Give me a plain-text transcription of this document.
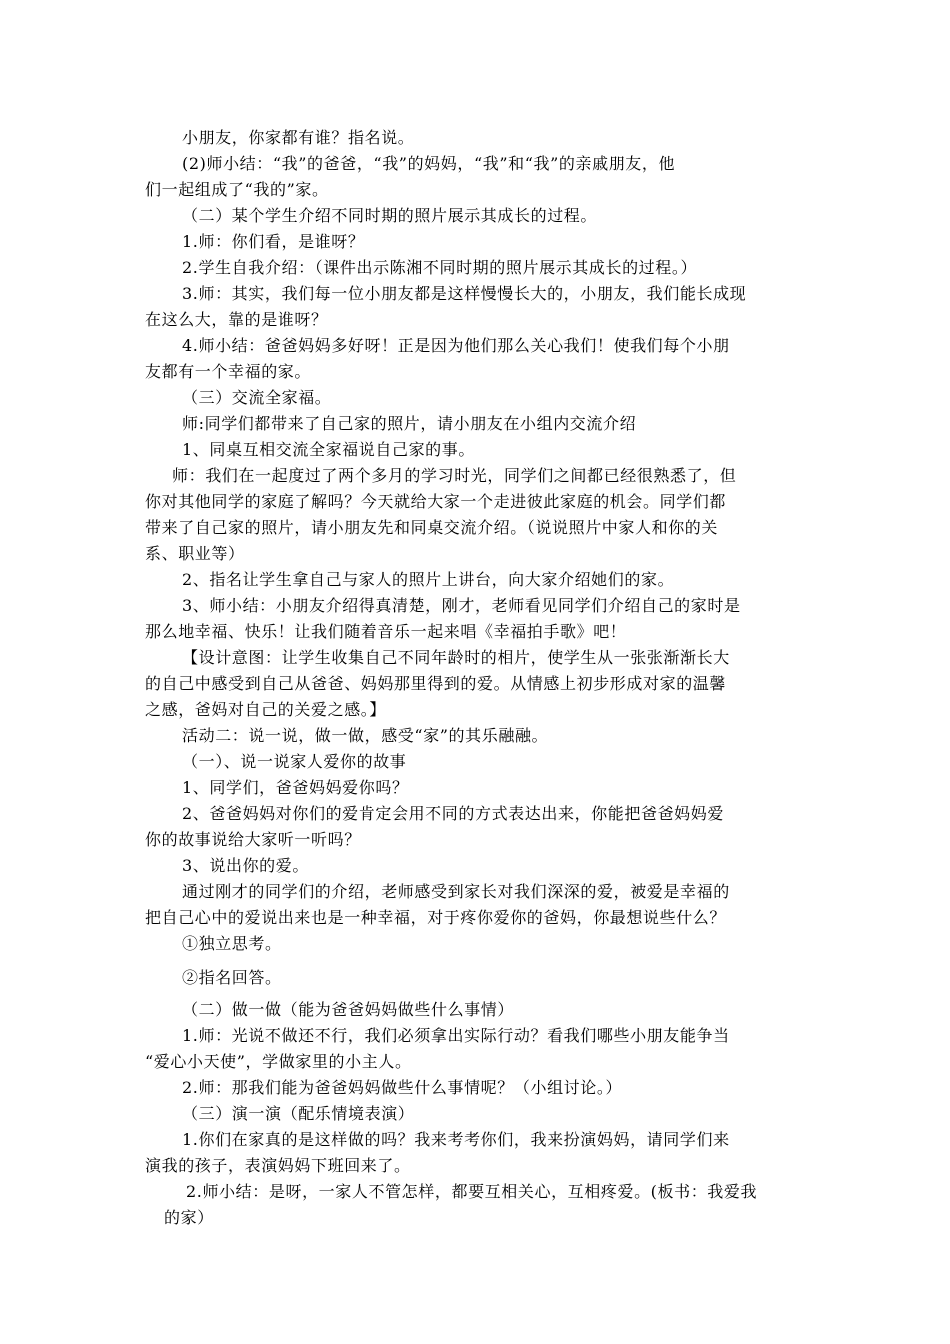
小朋友，你家都有谁？指名说。
(2)师小结：“我”的爸爸，“我”的妈妈，“我”和“我”的亲戚朋友，他
们一起组成了“我的”家。
（二）某个学生介绍不同时期的照片展示其成长的过程。
1.师：你们看，是谁呀？
2.学生自我介绍：（课件出示陈湘不同时期的照片展示其成长的过程。）
3.师：其实，我们每一位小朋友都是这样慢慢长大的，小朋友，我们能长成现
在这么大，靠的是谁呀？
4.师小结：爸爸妈妈多好呀！正是因为他们那么关心我们！使我们每个小朋
友都有一个幸福的家。
（三）交流全家福。
师:同学们都带来了自己家的照片，请小朋友在小组内交流介绍
1、同桌互相交流全家福说自己家的事。
师：我们在一起度过了两个多月的学习时光，同学们之间都已经很熟悉了，但
你对其他同学的家庭了解吗？今天就给大家一个走进彼此家庭的机会。同学们都
带来了自己家的照片，请小朋友先和同桌交流介绍。（说说照片中家人和你的关
系、职业等）
2、指名让学生拿自己与家人的照片上讲台，向大家介绍她们的家。
3、师小结：小朋友介绍得真清楚，刚才，老师看见同学们介绍自己的家时是
那么地幸福、快乐！让我们随着音乐一起来唱《幸福拍手歌》吧！
【设计意图：让学生收集自己不同年龄时的相片，使学生从一张张渐渐长大
的自己中感受到自己从爸爸、妈妈那里得到的爱。从情感上初步形成对家的温馨
之感，爸妈对自己的关爱之感。】
活动二：说一说，做一做，感受“家”的其乐融融。
（一）、说一说家人爱你的故事
1、同学们，爸爸妈妈爱你吗？
2、爸爸妈妈对你们的爱肯定会用不同的方式表达出来，你能把爸爸妈妈爱
你的故事说给大家听一听吗？
3、说出你的爱。
通过刚才的同学们的介绍，老师感受到家长对我们深深的爱，被爱是幸福的
把自己心中的爱说出来也是一种幸福，对于疼你爱你的爸妈，你最想说些什么？
①独立思考。
②指名回答。
（二）做一做（能为爸爸妈妈做些什么事情）
1.师：光说不做还不行，我们必须拿出实际行动？看我们哪些小朋友能争当
“爱心小天使”，学做家里的小主人。
2.师：那我们能为爸爸妈妈做些什么事情呢？（小组讨论。）
（三）演一演（配乐情境表演）
1.你们在家真的是这样做的吗？我来考考你们，我来扮演妈妈，请同学们来
演我的孩子，表演妈妈下班回来了。
2.师小结：是呀，一家人不管怎样，都要互相关心，互相疼爱。(板书：我爱我
的家）
